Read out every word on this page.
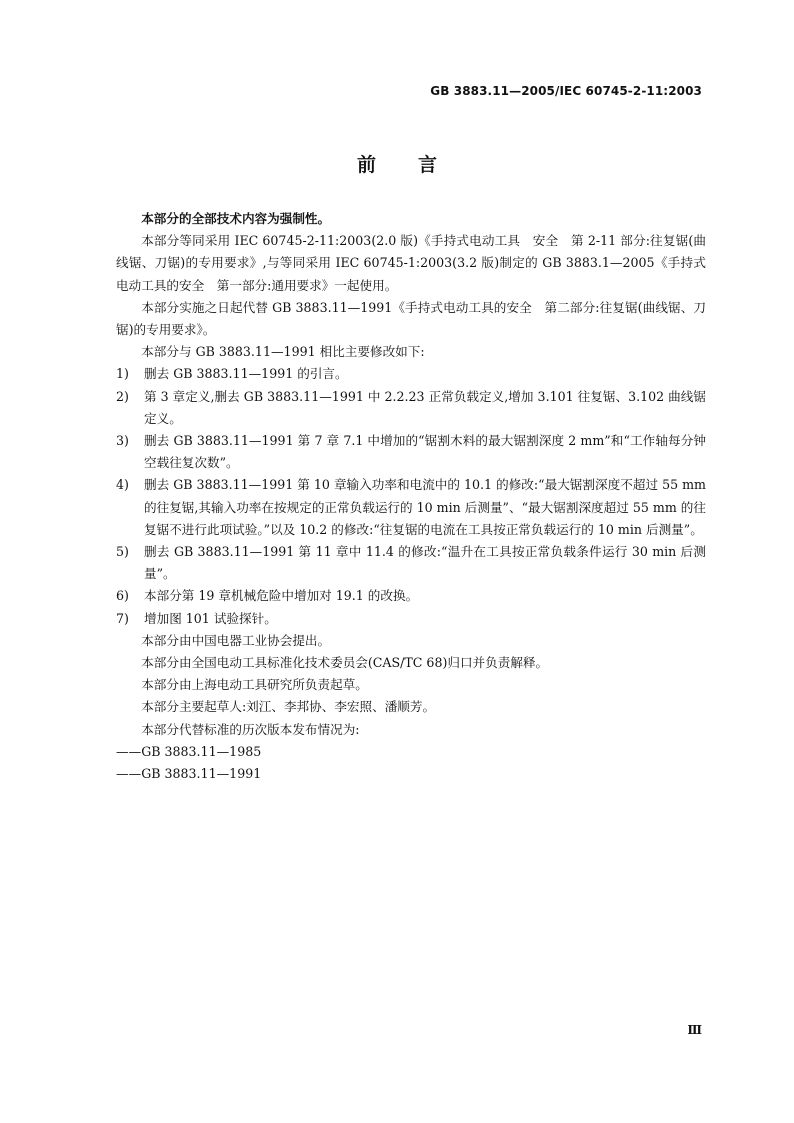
GB 3883.11—2005/IEC 60745-2-11:2003
前言

本部分的全部技术内容为强制性。

本部分等同采用 IEC 60745-2-11:2003(2.0 版)《手持式电动工具　安全　第 2-11 部分:往复锯(曲线锯、刀锯)的专用要求》,与等同采用 IEC 60745-1:2003(3.2 版)制定的 GB 3883.1—2005《手持式电动工具的安全　第一部分:通用要求》一起使用。

本部分实施之日起代替 GB 3883.11—1991《手持式电动工具的安全　第二部分:往复锯(曲线锯、刀锯)的专用要求》。

本部分与 GB 3883.11—1991 相比主要修改如下:

1) 删去 GB 3883.11—1991 的引言。
2) 第 3 章定义,删去 GB 3883.11—1991 中 2.2.23 正常负载定义,增加 3.101 往复锯、3.102 曲线锯定义。
3) 删去 GB 3883.11—1991 第 7 章 7.1 中增加的“锯割木料的最大锯割深度 2 mm”和“工作轴每分钟空载往复次数”。
4) 删去 GB 3883.11—1991 第 10 章输入功率和电流中的 10.1 的修改:“最大锯割深度不超过 55 mm的往复锯,其输入功率在按规定的正常负载运行的 10 min 后测量”、“最大锯割深度超过 55 mm 的往复锯不进行此项试验。”以及 10.2 的修改:“往复锯的电流在工具按正常负载运行的 10 min 后测量”。
5) 删去 GB 3883.11—1991 第 11 章中 11.4 的修改:“温升在工具按正常负载条件运行 30 min 后测量”。
6) 本部分第 19 章机械危险中增加对 19.1 的改换。
7) 增加图 101 试验探针。

本部分由中国电器工业协会提出。

本部分由全国电动工具标准化技术委员会(CAS/TC 68)归口并负责解释。

本部分由上海电动工具研究所负责起草。

本部分主要起草人:刘江、李邦协、李宏照、潘顺芳。

本部分代替标准的历次版本发布情况为:

——GB 3883.11—1985

——GB 3883.11—1991

Ⅲ
